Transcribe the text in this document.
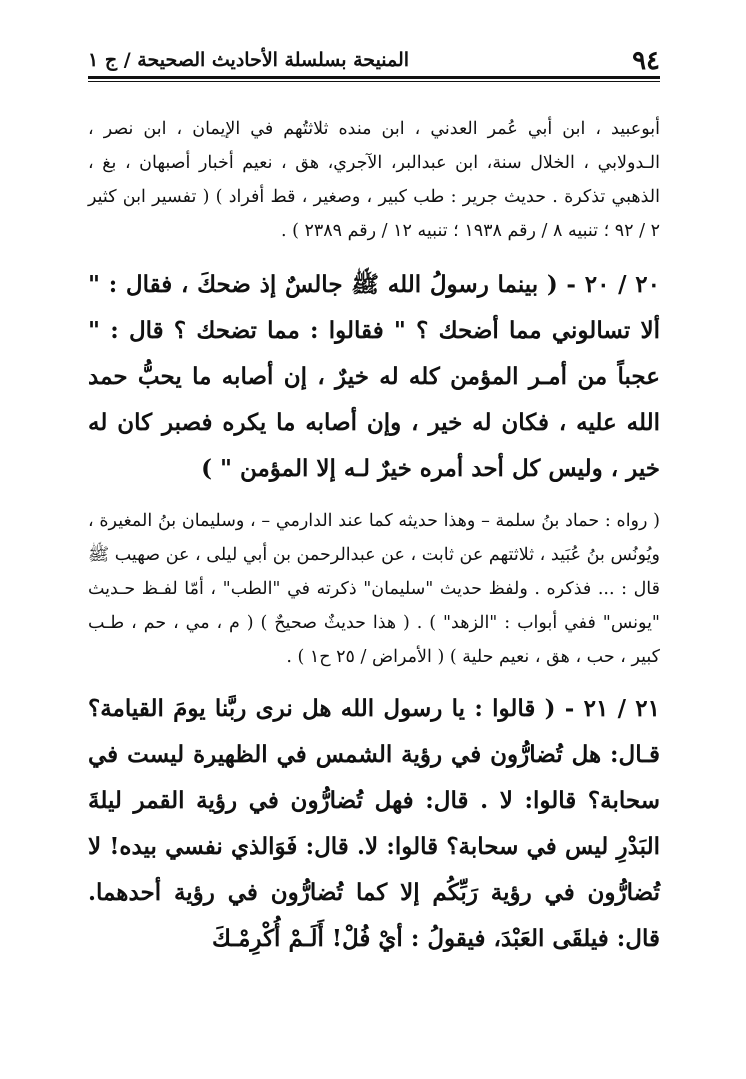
٩٤
المنيحة بسلسلة الأحاديث الصحيحة / ج ١

أبوعبيد ، ابن أبي عُمر العدني ، ابن منده ثلاثتُهم في الإيمان ، ابن نصر ، الـدولابي ، الخلال سنة، ابن عبدالبر، الآجري، هق ، نعيم أخبار أصبهان ، بغ ، الذهبي تذكرة . حديث جرير : طب كبير ، وصغير ، قط أفراد ) ( تفسير ابن كثير ٢ / ٩٢ ؛ تنبيه ٨ / رقم ١٩٣٨ ؛ تنبيه ١٢ / رقم ٢٣٨٩ ) .

٢٠ / ٢٠ - ( بينما رسولُ الله ﷺ جالسٌ إذ ضحكَ ، فقال : " ألا تسالوني مما أضحك ؟ " فقالوا : مما تضحك ؟ قال : " عجباً من أمـر المؤمن كله له خيرٌ ، إن أصابه ما يحبُّ حمد الله عليه ، فكان له خير ، وإن أصابه ما يكره فصبر كان له خير ، وليس كل أحد أمره خيرٌ لـه إلا المؤمن " )

( رواه : حماد بنُ سلمة – وهذا حديثه كما عند الدارمي – ، وسليمان بنُ المغيرة ، ويُونُس بنُ عُبَيد ، ثلاثتهم عن ثابت ، عن عبدالرحمن بن أبي ليلى ، عن صهيب ﷺ قال : ... فذكره . ولفظ حديث "سليمان" ذكرته في "الطب" ، أمّا لفـظ حـديث "يونس" ففي أبواب : "الزهد" ) . ( هذا حديثٌ صحيحٌ ) ( م ، مي ، حم ، طـب كبير ، حب ، هق ، نعيم حلية ) ( الأمراض / ٢٥ ح١ ) .

٢١ / ٢١ - ( قالوا : يا رسول الله هل نرى ربَّنا يومَ القيامة؟ قـال: هل تُضارُّون في رؤية الشمس في الظهيرة ليست في سحابة؟ قالوا: لا . قال: فهل تُضارُّون في رؤية القمر ليلةَ البَدْرِ ليس في سحابة؟ قالوا: لا. قال: فَوَالذي نفسي بيده! لا تُضارُّون في رؤية رَبِّكُم إلا كما تُضارُّون في رؤية أحدهما. قال: فيلقَى العَبْدَ، فيقولُ : أيْ فُلْ! أَلَـمْ أُكْرِمْـكَ
